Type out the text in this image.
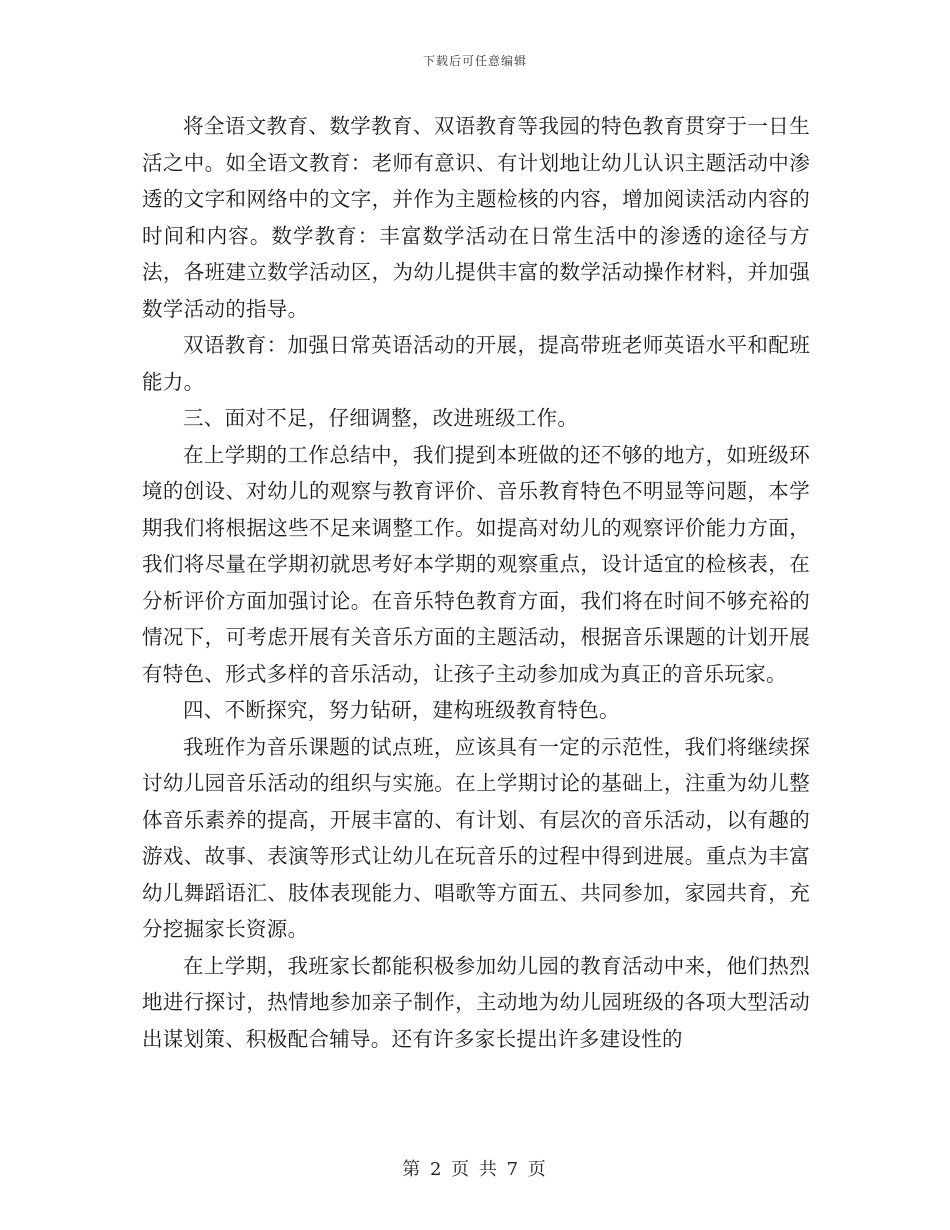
下载后可任意编辑

将全语文教育、数学教育、双语教育等我园的特色教育贯穿于一日生活之中。如全语文教育：老师有意识、有计划地让幼儿认识主题活动中渗透的文字和网络中的文字，并作为主题检核的内容，增加阅读活动内容的时间和内容。数学教育：丰富数学活动在日常生活中的渗透的途径与方法，各班建立数学活动区，为幼儿提供丰富的数学活动操作材料，并加强数学活动的指导。

双语教育：加强日常英语活动的开展，提高带班老师英语水平和配班能力。

三、面对不足，仔细调整，改进班级工作。

在上学期的工作总结中，我们提到本班做的还不够的地方，如班级环境的创设、对幼儿的观察与教育评价、音乐教育特色不明显等问题，本学期我们将根据这些不足来调整工作。如提高对幼儿的观察评价能力方面，我们将尽量在学期初就思考好本学期的观察重点，设计适宜的检核表，在分析评价方面加强讨论。在音乐特色教育方面，我们将在时间不够充裕的情况下，可考虑开展有关音乐方面的主题活动，根据音乐课题的计划开展有特色、形式多样的音乐活动，让孩子主动参加成为真正的音乐玩家。

四、不断探究，努力钻研，建构班级教育特色。

我班作为音乐课题的试点班，应该具有一定的示范性，我们将继续探讨幼儿园音乐活动的组织与实施。在上学期讨论的基础上，注重为幼儿整体音乐素养的提高，开展丰富的、有计划、有层次的音乐活动，以有趣的游戏、故事、表演等形式让幼儿在玩音乐的过程中得到进展。重点为丰富幼儿舞蹈语汇、肢体表现能力、唱歌等方面五、共同参加，家园共育，充分挖掘家长资源。

在上学期，我班家长都能积极参加幼儿园的教育活动中来，他们热烈地进行探讨，热情地参加亲子制作，主动地为幼儿园班级的各项大型活动出谋划策、积极配合辅导。还有许多家长提出许多建设性的

第 2 页 共 7 页
